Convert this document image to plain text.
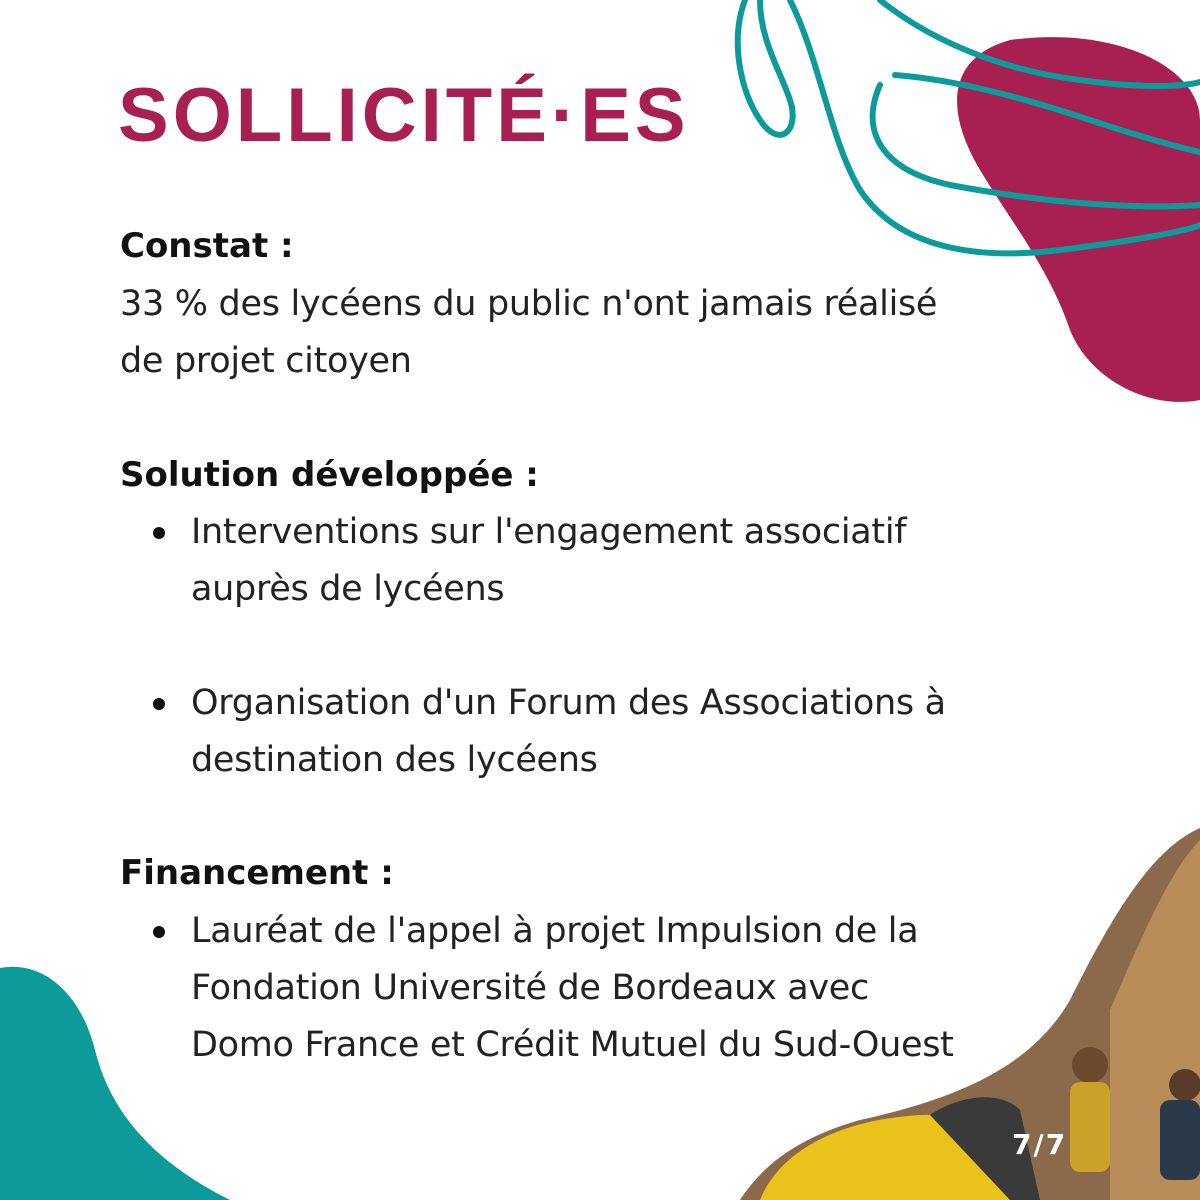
SOLLICITÉ·ES

Constat :

33 % des lycéens du public n'ont jamais réalisé

de projet citoyen

Solution développée :

Interventions sur l'engagement associatif

auprès de lycéens

Organisation d'un Forum des Associations à

destination des lycéens

Financement :

Lauréat de l'appel à projet Impulsion de la

Fondation Université de Bordeaux avec

Domo France et Crédit Mutuel du Sud-Ouest

7/7
